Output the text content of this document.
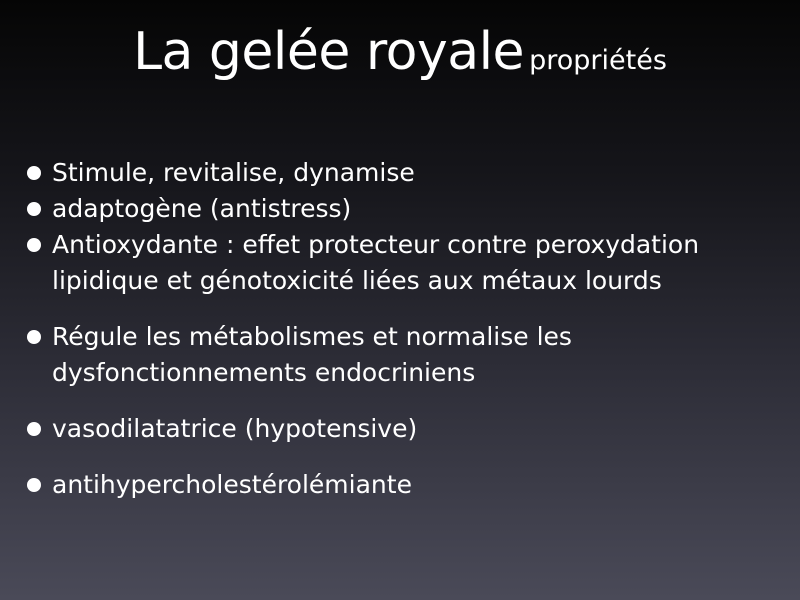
La gelée royale propriétés
Stimule, revitalise, dynamise
adaptogène (antistress)
Antioxydante : effet protecteur contre peroxydation
lipidique et génotoxicité liées aux métaux lourds
Régule les métabolismes et normalise les
dysfonctionnements endocriniens
vasodilatatrice (hypotensive)
antihypercholestérolémiante
